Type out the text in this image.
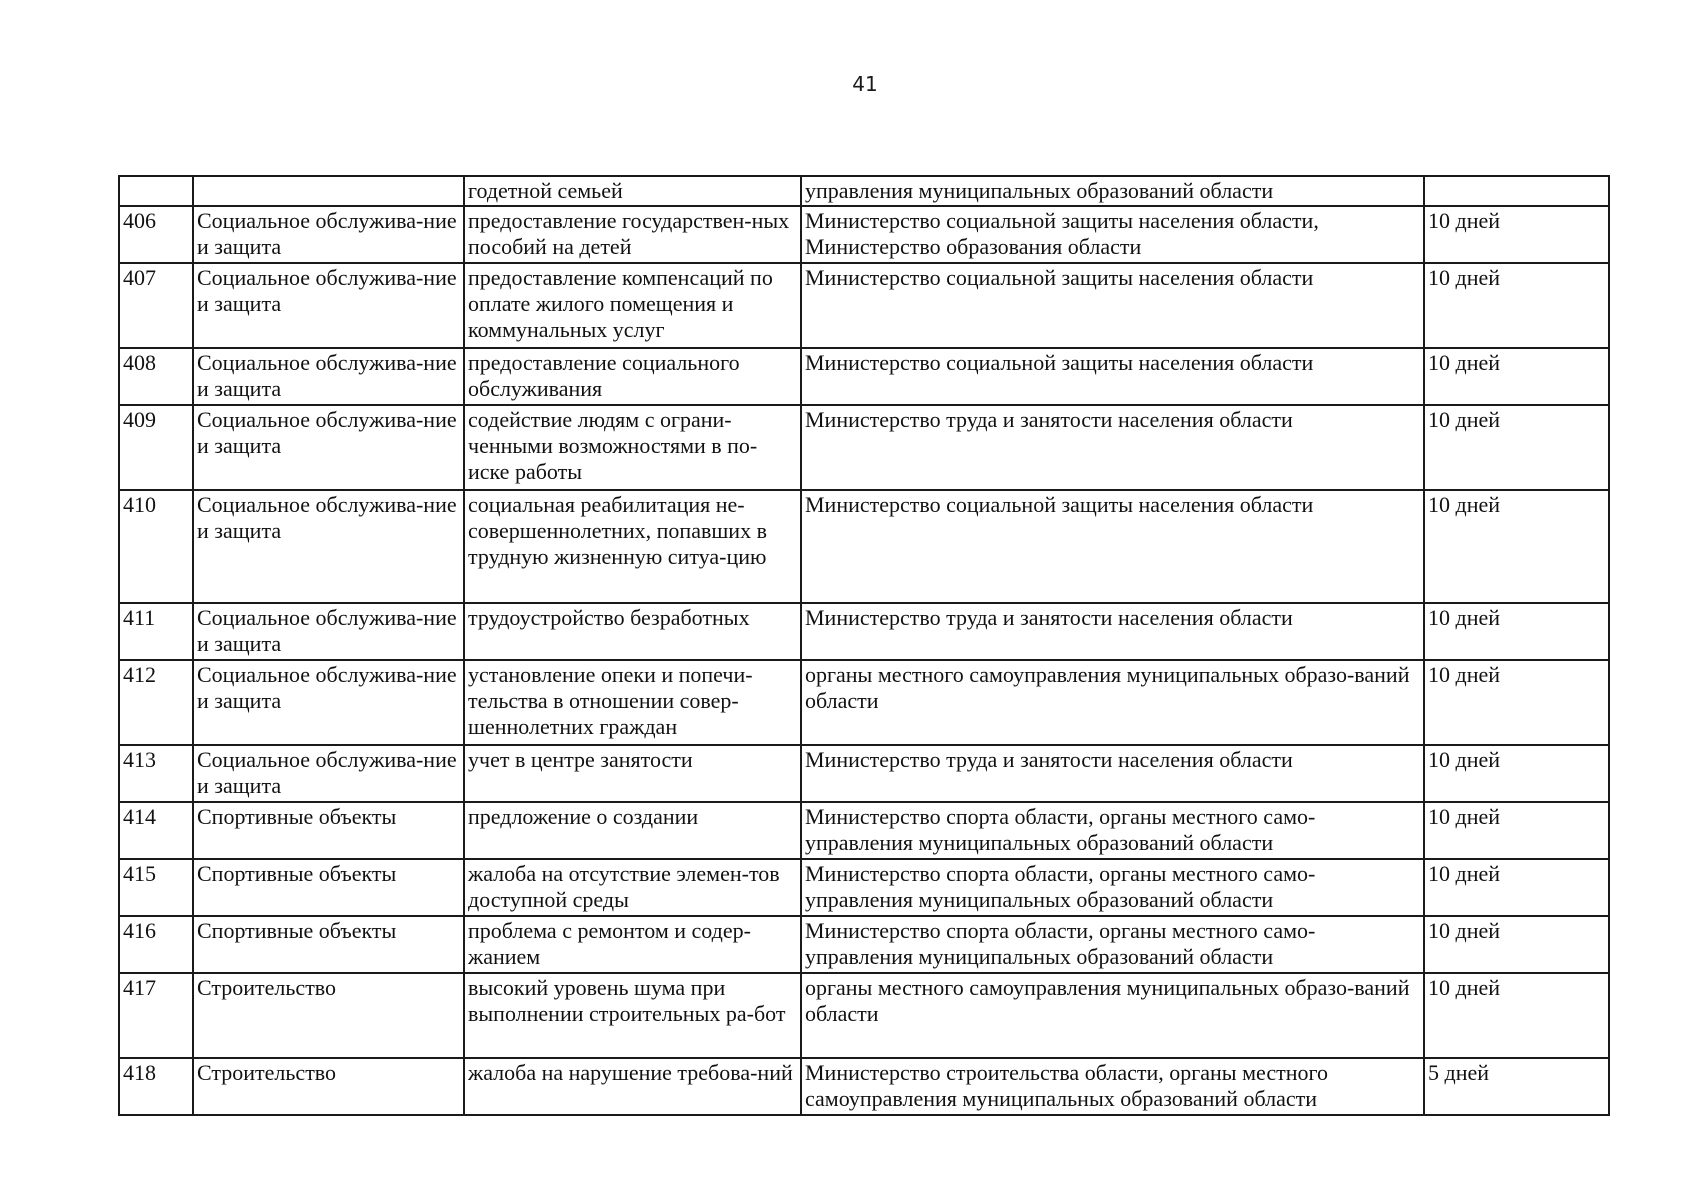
41
		годетной семьей	управления муниципальных образований области	
406	Социальное обслужива-ние и защита	предоставление государствен-ных пособий на детей	Министерство социальной защиты населения области, Министерство образования области	10 дней
407	Социальное обслужива-ние и защита	предоставление компенсаций по оплате жилого помещения и коммунальных услуг	Министерство социальной защиты населения области	10 дней
408	Социальное обслужива-ние и защита	предоставление социального обслуживания	Министерство социальной защиты населения области	10 дней
409	Социальное обслужива-ние и защита	содействие людям с ограни-ченными возможностями в по-иске работы	Министерство труда и занятости населения области	10 дней
410	Социальное обслужива-ние и защита	социальная реабилитация не-совершеннолетних, попавших в трудную жизненную ситуа-цию	Министерство социальной защиты населения области	10 дней
411	Социальное обслужива-ние и защита	трудоустройство безработных	Министерство труда и занятости населения области	10 дней
412	Социальное обслужива-ние и защита	установление опеки и попечи-тельства в отношении совер-шеннолетних граждан	органы местного самоуправления муниципальных образо-ваний области	10 дней
413	Социальное обслужива-ние и защита	учет в центре занятости	Министерство труда и занятости населения области	10 дней
414	Спортивные объекты	предложение о создании	Министерство спорта области, органы местного само-управления муниципальных образований области	10 дней
415	Спортивные объекты	жалоба на отсутствие элемен-тов доступной среды	Министерство спорта области, органы местного само-управления муниципальных образований области	10 дней
416	Спортивные объекты	проблема с ремонтом и содер-жанием	Министерство спорта области, органы местного само-управления муниципальных образований области	10 дней
417	Строительство	высокий уровень шума при выполнении строительных ра-бот	органы местного самоуправления муниципальных образо-ваний области	10 дней
418	Строительство	жалоба на нарушение требова-ний	Министерство строительства области, органы местного самоуправления муниципальных образований области	5 дней
